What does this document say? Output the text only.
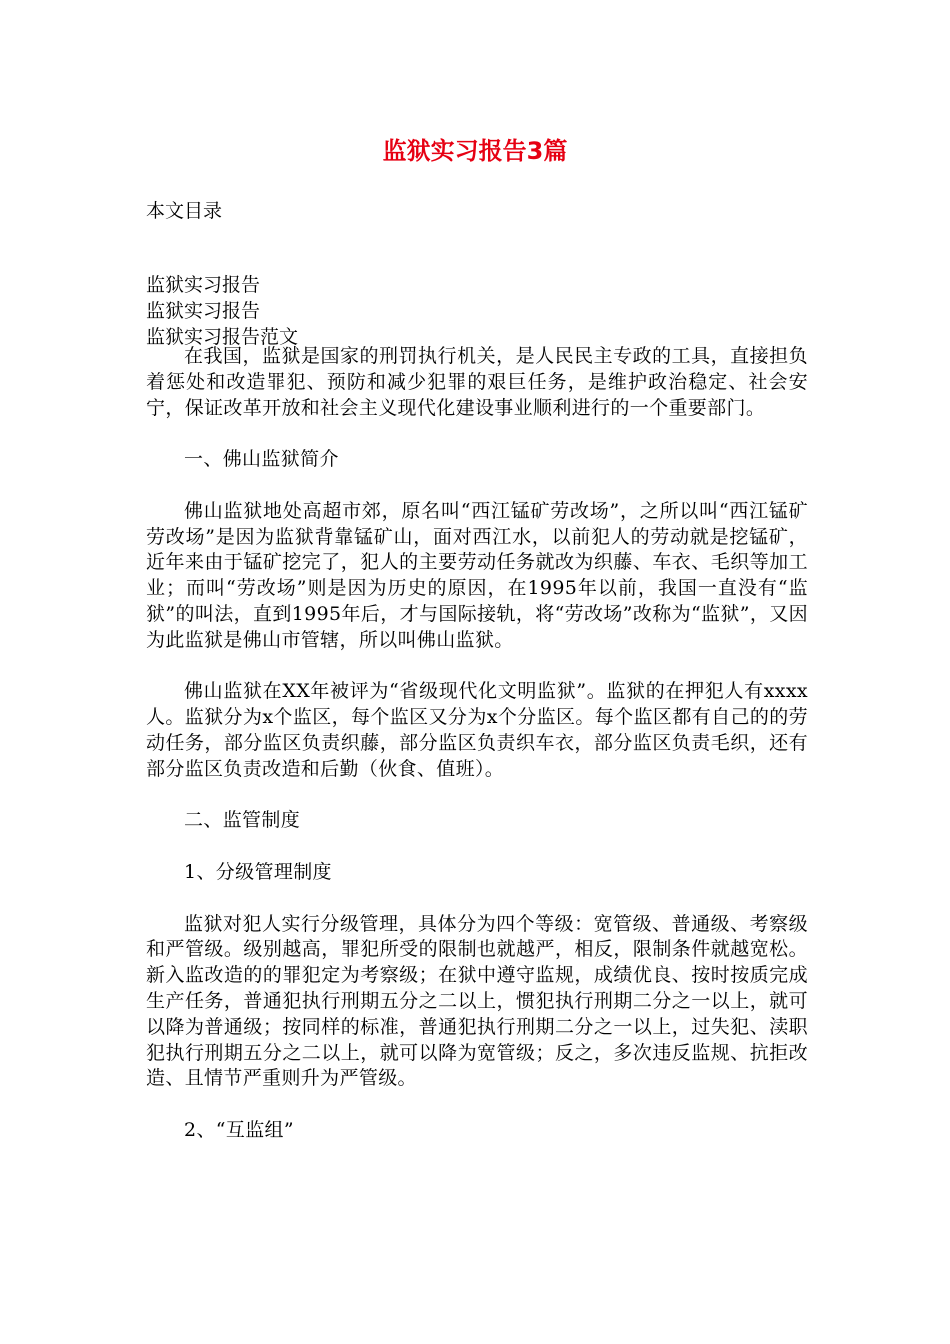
监狱实习报告3篇

本文目录

监狱实习报告
监狱实习报告
监狱实习报告范文

在我国，监狱是国家的刑罚执行机关，是人民民主专政的工具，直接担负着惩处和改造罪犯、预防和减少犯罪的艰巨任务，是维护政治稳定、社会安宁，保证改革开放和社会主义现代化建设事业顺利进行的一个重要部门。

一、佛山监狱简介

佛山监狱地处高超市郊，原名叫“西江锰矿劳改场”，之所以叫“西江锰矿劳改场”是因为监狱背靠锰矿山，面对西江水，以前犯人的劳动就是挖锰矿，近年来由于锰矿挖完了，犯人的主要劳动任务就改为织藤、车衣、毛织等加工业；而叫“劳改场”则是因为历史的原因，在1995年以前，我国一直没有“监狱”的叫法，直到1995年后，才与国际接轨，将“劳改场”改称为“监狱”，又因为此监狱是佛山市管辖，所以叫佛山监狱。

佛山监狱在XX年被评为“省级现代化文明监狱”。监狱的在押犯人有xxxx人。监狱分为x个监区，每个监区又分为x个分监区。每个监区都有自己的的劳动任务，部分监区负责织藤，部分监区负责织车衣，部分监区负责毛织，还有部分监区负责改造和后勤（伙食、值班）。

二、监管制度

1、分级管理制度

监狱对犯人实行分级管理，具体分为四个等级：宽管级、普通级、考察级和严管级。级别越高，罪犯所受的限制也就越严，相反，限制条件就越宽松。新入监改造的的罪犯定为考察级；在狱中遵守监规，成绩优良、按时按质完成生产任务，普通犯执行刑期五分之二以上，惯犯执行刑期二分之一以上，就可以降为普通级；按同样的标准，普通犯执行刑期二分之一以上，过失犯、渎职犯执行刑期五分之二以上，就可以降为宽管级；反之，多次违反监规、抗拒改造、且情节严重则升为严管级。

2、“互监组”
